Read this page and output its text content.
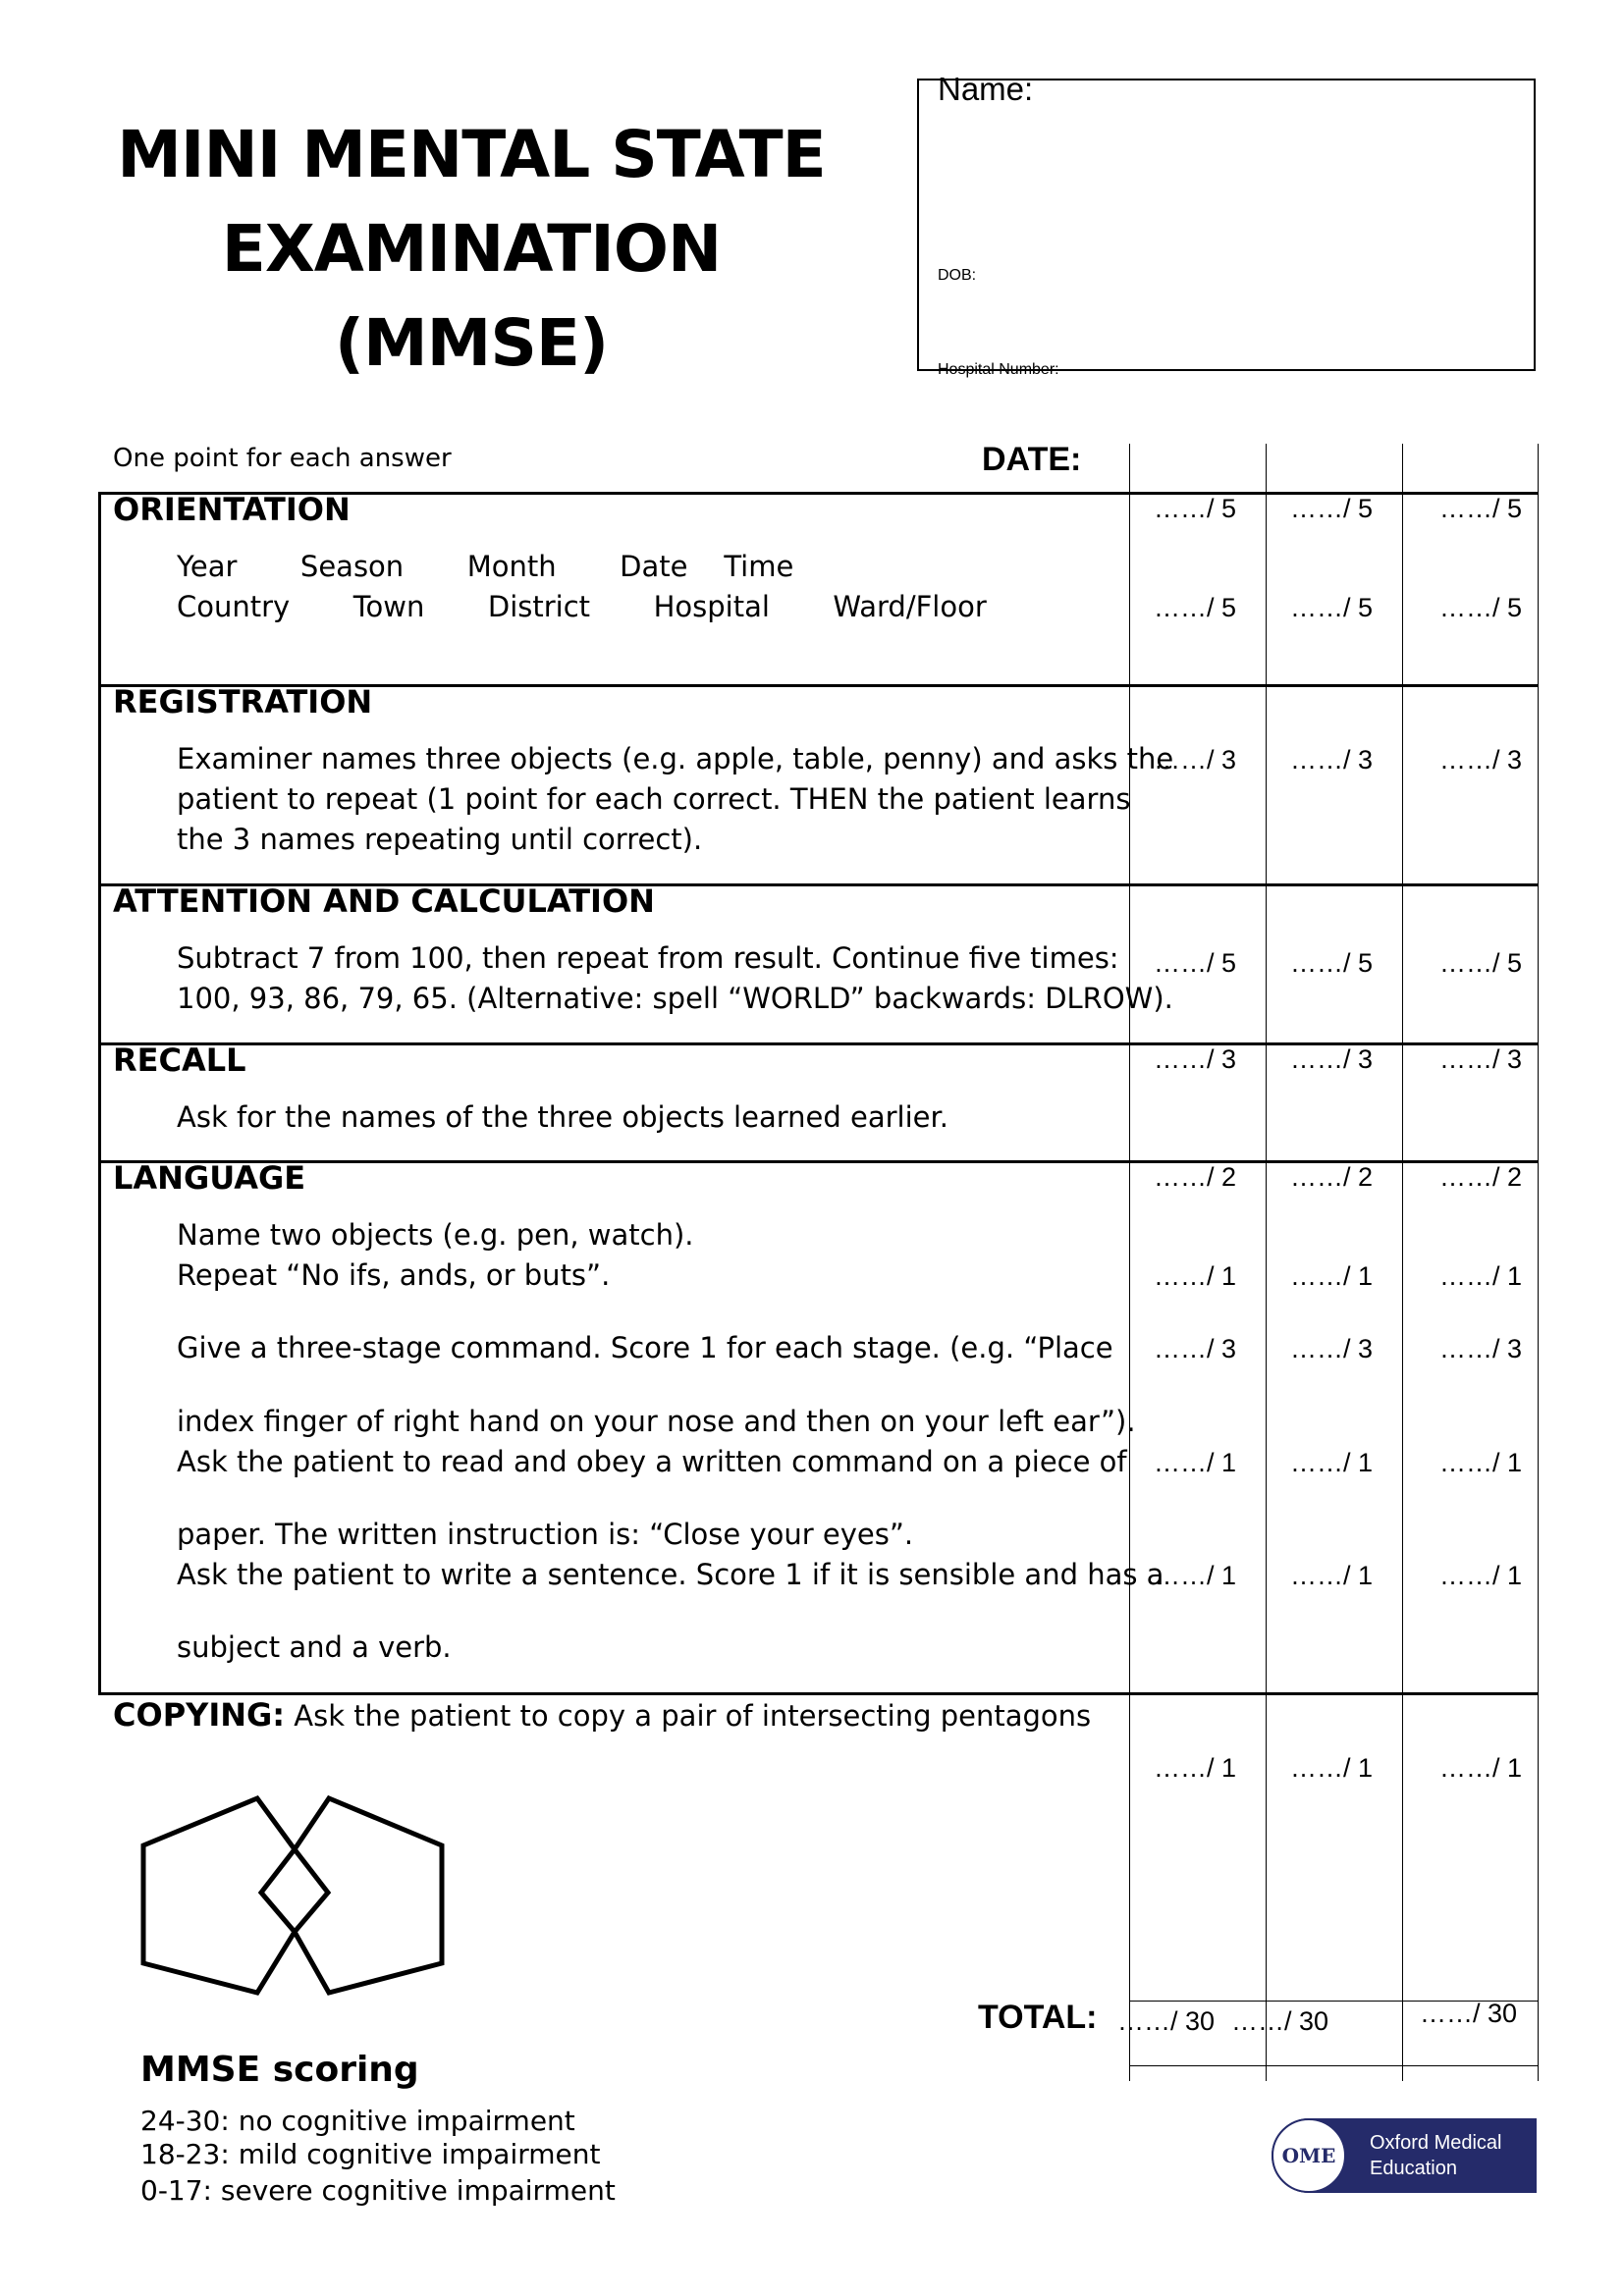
MINI MENTAL STATE
EXAMINATION
(MMSE)
Name:
DOB:
Hospital Number:
One point for each answer	DATE:
ORIENTATION
Year       Season       Month       Date    Time
Country       Town       District       Hospital       Ward/Floor
……/ 5 ……/ 5	……/ 5
……/ 5 ……/ 5	……/ 5
REGISTRATION
Examiner names three objects (e.g. apple, table, penny) and asks the
patient to repeat (1 point for each correct. THEN the patient learns
the 3 names repeating until correct).
……/ 3 ……/ 3	……/ 3
ATTENTION AND CALCULATION
Subtract 7 from 100, then repeat from result. Continue five times:
100, 93, 86, 79, 65. (Alternative: spell “WORLD” backwards: DLROW).
……/ 5 ……/ 5	……/ 5
RECALL
Ask for the names of the three objects learned earlier.
……/ 3 ……/ 3	……/ 3
LANGUAGE
Name two objects (e.g. pen, watch).
Repeat “No ifs, ands, or buts”.
Give a three-stage command. Score 1 for each stage. (e.g. “Place
index finger of right hand on your nose and then on your left ear”).
Ask the patient to read and obey a written command on a piece of
paper. The written instruction is: “Close your eyes”.
Ask the patient to write a sentence. Score 1 if it is sensible and has a
subject and a verb.
……/ 2 ……/ 2	……/ 2
……/ 1 ……/ 1	……/ 1
……/ 3 ……/ 3	……/ 3
……/ 1 ……/ 1	……/ 1
……/ 1 ……/ 1	……/ 1
COPYING: Ask the patient to copy a pair of intersecting pentagons
……/ 1 ……/ 1	……/ 1
TOTAL: ……/ 30 ……/ 30	……/ 30
MMSE scoring
24-30: no cognitive impairment
18-23: mild cognitive impairment
0-17: severe cognitive impairment
OME
Oxford Medical
Education
